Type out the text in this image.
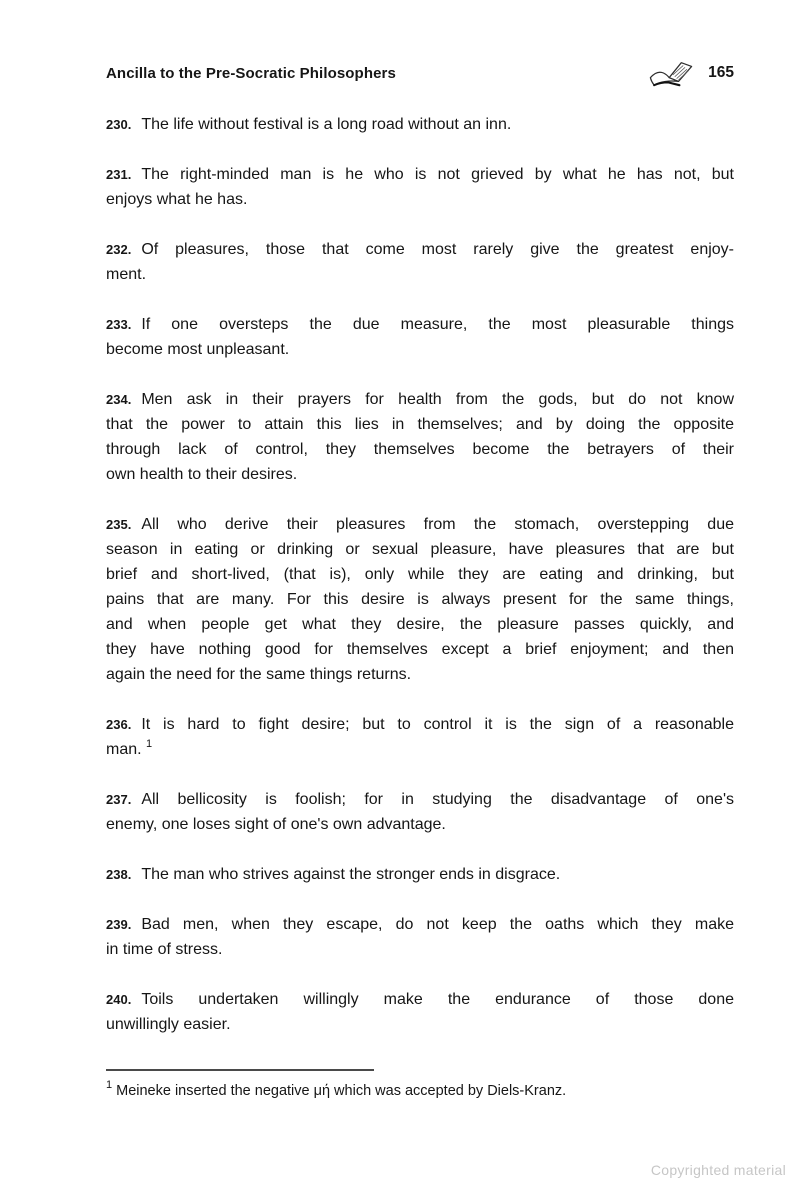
Ancilla to the Pre-Socratic Philosophers	165
230. The life without festival is a long road without an inn.
231. The right-minded man is he who is not grieved by what he has not, but
enjoys what he has.
232. Of pleasures, those that come most rarely give the greatest enjoy-
ment.
233. If one oversteps the due measure, the most pleasurable things
become most unpleasant.
234. Men ask in their prayers for health from the gods, but do not know
that the power to attain this lies in themselves; and by doing the opposite
through lack of control, they themselves become the betrayers of their
own health to their desires.
235. All who derive their pleasures from the stomach, overstepping due
season in eating or drinking or sexual pleasure, have pleasures that are but
brief and short-lived, (that is), only while they are eating and drinking, but
pains that are many. For this desire is always present for the same things,
and when people get what they desire, the pleasure passes quickly, and
they have nothing good for themselves except a brief enjoyment; and then
again the need for the same things returns.
236. It is hard to fight desire; but to control it is the sign of a reasonable
man. $^1$
237. All bellicosity is foolish; for in studying the disadvantage of one's
enemy, one loses sight of one's own advantage.
238. The man who strives against the stronger ends in disgrace.
239. Bad men, when they escape, do not keep the oaths which they make
in time of stress.
240. Toils undertaken willingly make the endurance of those done
unwillingly easier.
$^1$ Meineke inserted the negative μή which was accepted by Diels-Kranz.
Copyrighted material
